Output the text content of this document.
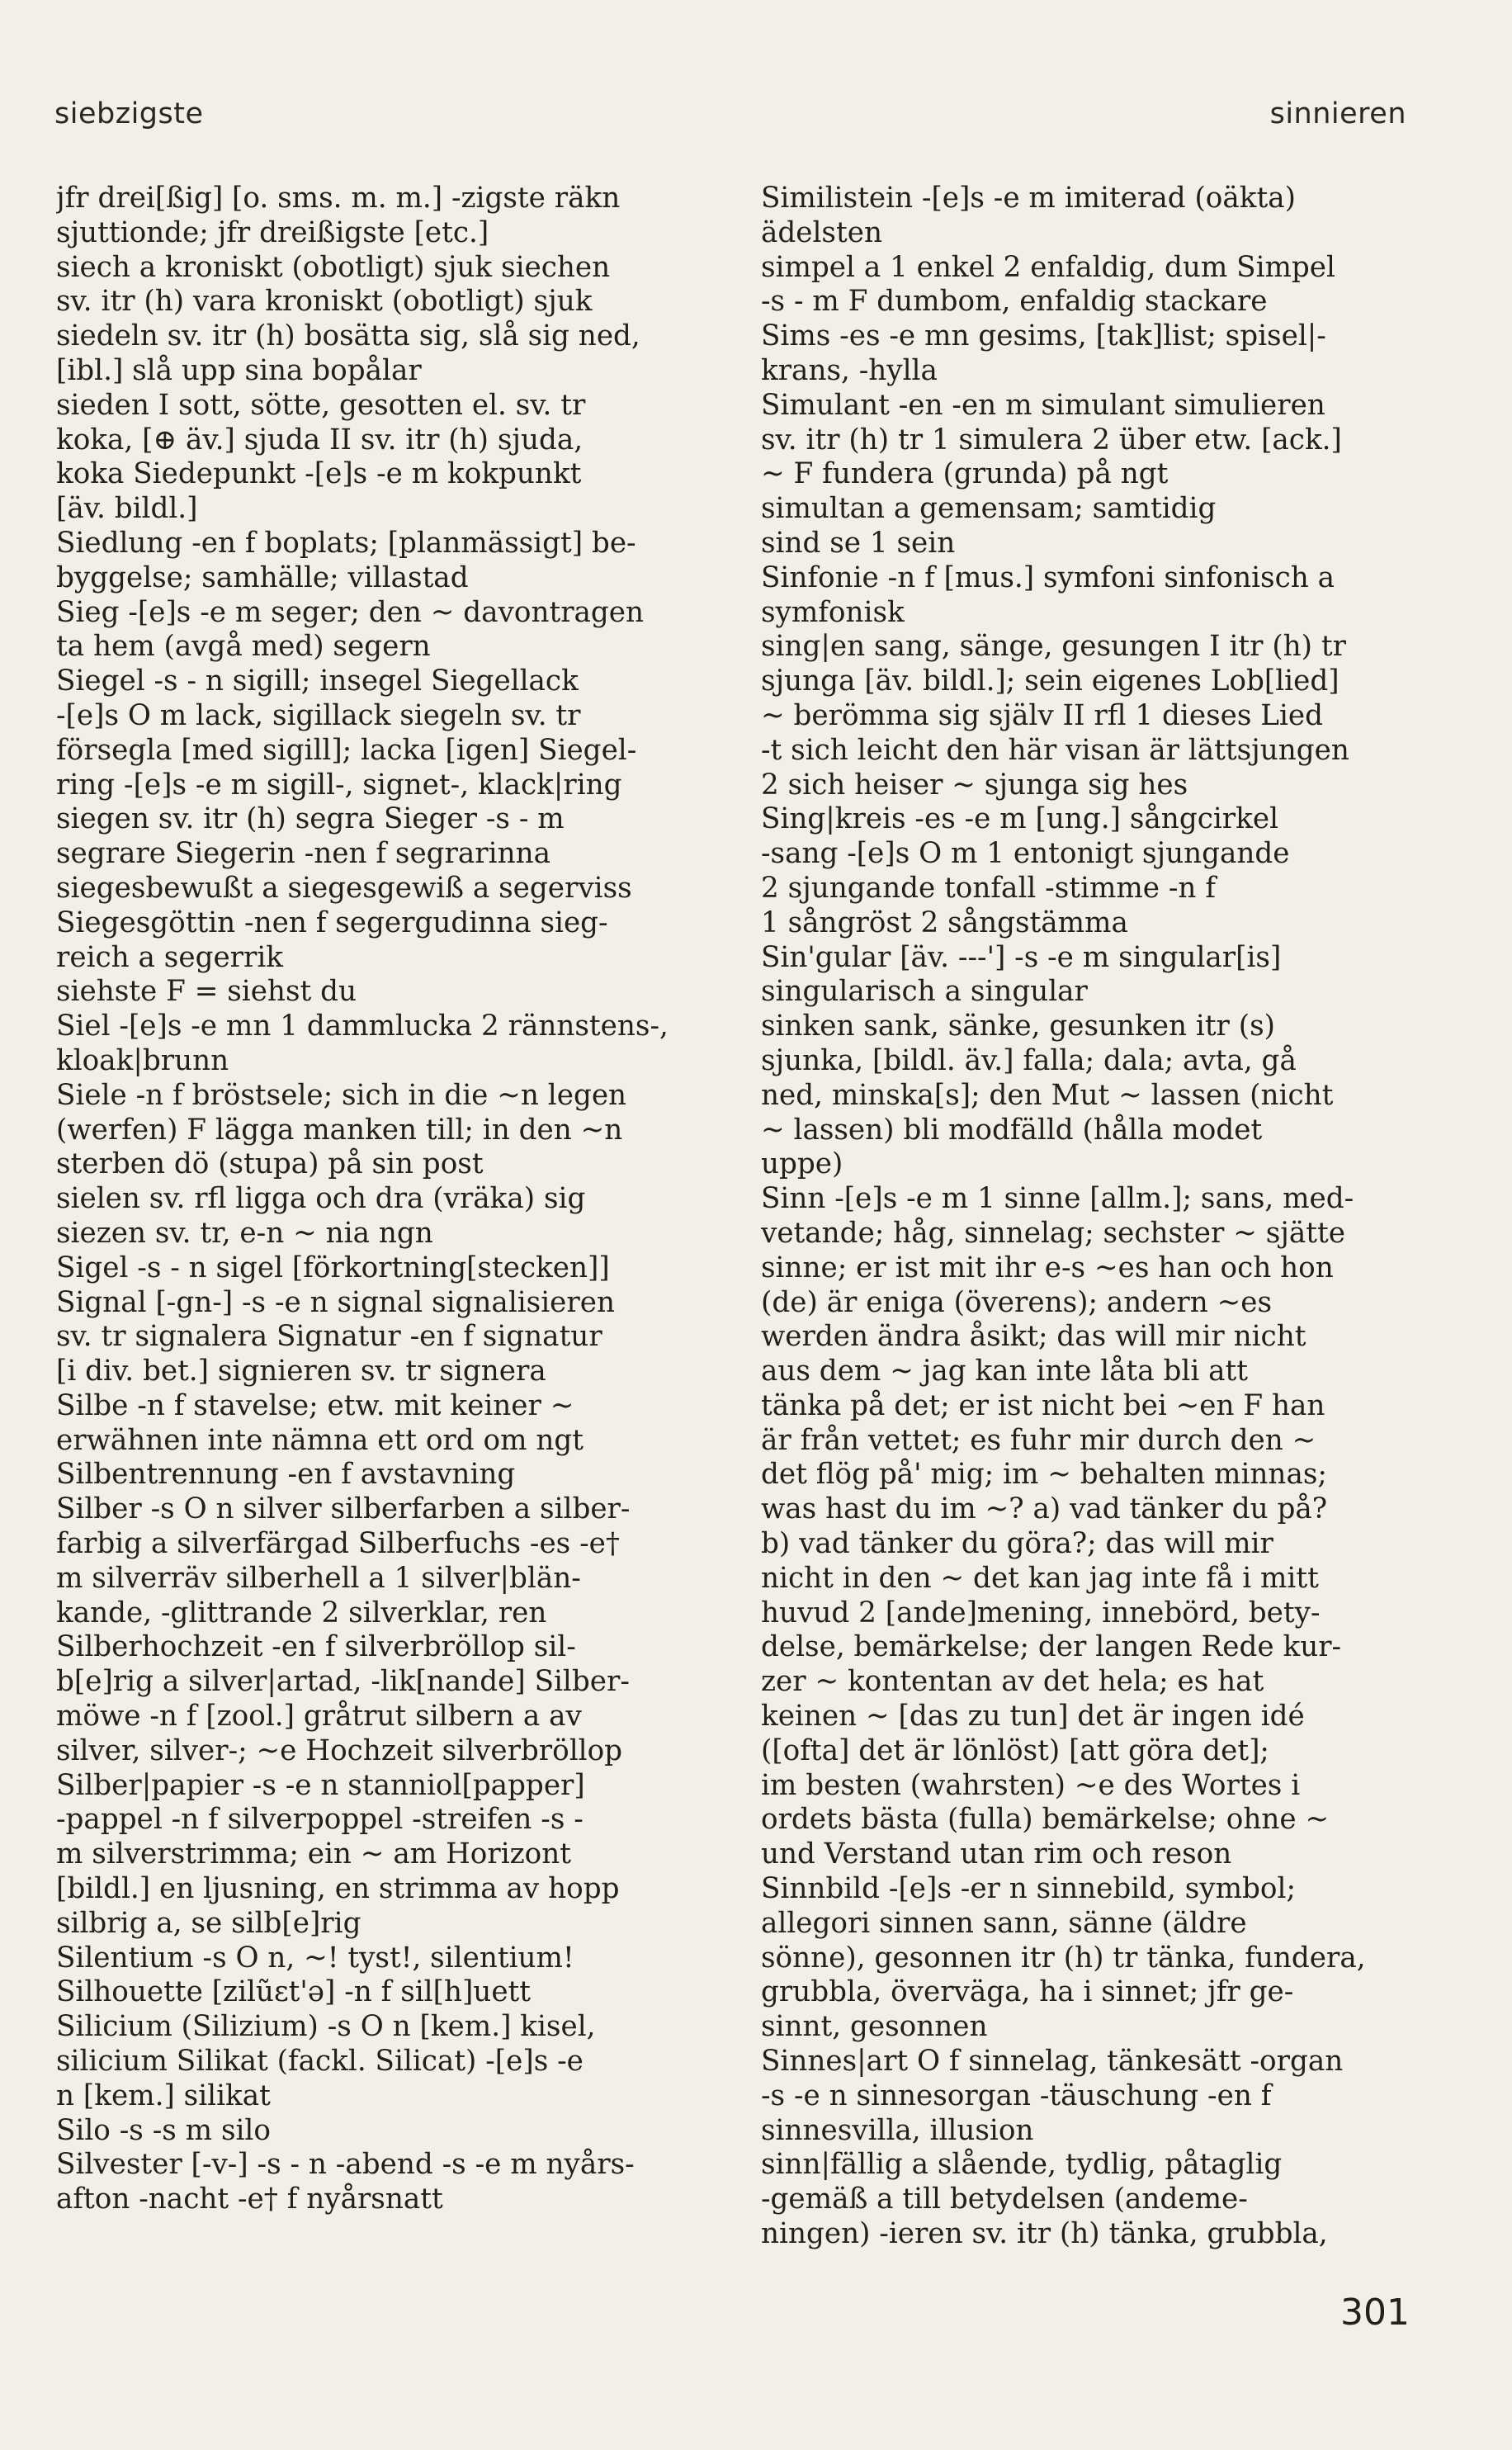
siebzigste	sinnieren
jfr drei[ßig] [o. sms. m. m.] -zigste räkn
sjuttionde; jfr dreißigste [etc.]
siech a kroniskt (obotligt) sjuk siechen
sv. itr (h) vara kroniskt (obotligt) sjuk
siedeln sv. itr (h) bosätta sig, slå sig ned,
[ibl.] slå upp sina bopålar
sieden I sott, sötte, gesotten el. sv. tr
koka, [⊕ äv.] sjuda II sv. itr (h) sjuda,
koka Siedepunkt -[e]s -e m kokpunkt
[äv. bildl.]
Siedlung -en f boplats; [planmässigt] be-
byggelse; samhälle; villastad
Sieg -[e]s -e m seger; den ~ davontragen
ta hem (avgå med) segern
Siegel -s - n sigill; insegel Siegellack
-[e]s O m lack, sigillack siegeln sv. tr
försegla [med sigill]; lacka [igen] Siegel-
ring -[e]s -e m sigill-, signet-, klack|ring
siegen sv. itr (h) segra Sieger -s - m
segrare Siegerin -nen f segrarinna
siegesbewußt a siegesgewiß a segerviss
Siegesgöttin -nen f segergudinna sieg-
reich a segerrik
siehste F = siehst du
Siel -[e]s -e mn 1 dammlucka 2 rännstens-,
kloak|brunn
Siele -n f bröstsele; sich in die ~n legen
(werfen) F lägga manken till; in den ~n
sterben dö (stupa) på sin post
sielen sv. rfl ligga och dra (vräka) sig
siezen sv. tr, e-n ~ nia ngn
Sigel -s - n sigel [förkortning[stecken]]
Signal [-gn-] -s -e n signal signalisieren
sv. tr signalera Signatur -en f signatur
[i div. bet.] signieren sv. tr signera
Silbe -n f stavelse; etw. mit keiner ~
erwähnen inte nämna ett ord om ngt
Silbentrennung -en f avstavning
Silber -s O n silver silberfarben a silber-
farbig a silverfärgad Silberfuchs -es -e†
m silverräv silberhell a 1 silver|blän-
kande, -glittrande 2 silverklar, ren
Silberhochzeit -en f silverbröllop sil-
b[e]rig a silver|artad, -lik[nande] Silber-
möwe -n f [zool.] gråtrut silbern a av
silver, silver-; ~e Hochzeit silverbröllop
Silber|papier -s -e n stanniol[papper]
-pappel -n f silverpoppel -streifen -s -
m silverstrimma; ein ~ am Horizont
[bildl.] en ljusning, en strimma av hopp
silbrig a, se silb[e]rig
Silentium -s O n, ~! tyst!, silentium!
Silhouette [zilũɛt'ə] -n f sil[h]uett
Silicium (Silizium) -s O n [kem.] kisel,
silicium Silikat (fackl. Silicat) -[e]s -e
n [kem.] silikat
Silo -s -s m silo
Silvester [-v-] -s - n -abend -s -e m nyårs-
afton -nacht -e† f nyårsnatt
Similistein -[e]s -e m imiterad (oäkta)
ädelsten
simpel a 1 enkel 2 enfaldig, dum Simpel
-s - m F dumbom, enfaldig stackare
Sims -es -e mn gesims, [tak]list; spisel|-
krans, -hylla
Simulant -en -en m simulant simulieren
sv. itr (h) tr 1 simulera 2 über etw. [ack.]
~ F fundera (grunda) på ngt
simultan a gemensam; samtidig
sind se 1 sein
Sinfonie -n f [mus.] symfoni sinfonisch a
symfonisk
sing|en sang, sänge, gesungen I itr (h) tr
sjunga [äv. bildl.]; sein eigenes Lob[lied]
~ berömma sig själv II rfl 1 dieses Lied
-t sich leicht den här visan är lättsjungen
2 sich heiser ~ sjunga sig hes
Sing|kreis -es -e m [ung.] sångcirkel
-sang -[e]s O m 1 entonigt sjungande
2 sjungande tonfall -stimme -n f
1 sångröst 2 sångstämma
Sin'gular [äv. ---'] -s -e m singular[is]
singularisch a singular
sinken sank, sänke, gesunken itr (s)
sjunka, [bildl. äv.] falla; dala; avta, gå
ned, minska[s]; den Mut ~ lassen (nicht
~ lassen) bli modfälld (hålla modet
uppe)
Sinn -[e]s -e m 1 sinne [allm.]; sans, med-
vetande; håg, sinnelag; sechster ~ sjätte
sinne; er ist mit ihr e-s ~es han och hon
(de) är eniga (överens); andern ~es
werden ändra åsikt; das will mir nicht
aus dem ~ jag kan inte låta bli att
tänka på det; er ist nicht bei ~en F han
är från vettet; es fuhr mir durch den ~
det flög på' mig; im ~ behalten minnas;
was hast du im ~? a) vad tänker du på?
b) vad tänker du göra?; das will mir
nicht in den ~ det kan jag inte få i mitt
huvud 2 [ande]mening, innebörd, bety-
delse, bemärkelse; der langen Rede kur-
zer ~ kontentan av det hela; es hat
keinen ~ [das zu tun] det är ingen idé
([ofta] det är lönlöst) [att göra det];
im besten (wahrsten) ~e des Wortes i
ordets bästa (fulla) bemärkelse; ohne ~
und Verstand utan rim och reson
Sinnbild -[e]s -er n sinnebild, symbol;
allegori sinnen sann, sänne (äldre
sönne), gesonnen itr (h) tr tänka, fundera,
grubbla, överväga, ha i sinnet; jfr ge-
sinnt, gesonnen
Sinnes|art O f sinnelag, tänkesätt -organ
-s -e n sinnesorgan -täuschung -en f
sinnesvilla, illusion
sinn|fällig a slående, tydlig, påtaglig
-gemäß a till betydelsen (andeme-
ningen) -ieren sv. itr (h) tänka, grubbla,
301
